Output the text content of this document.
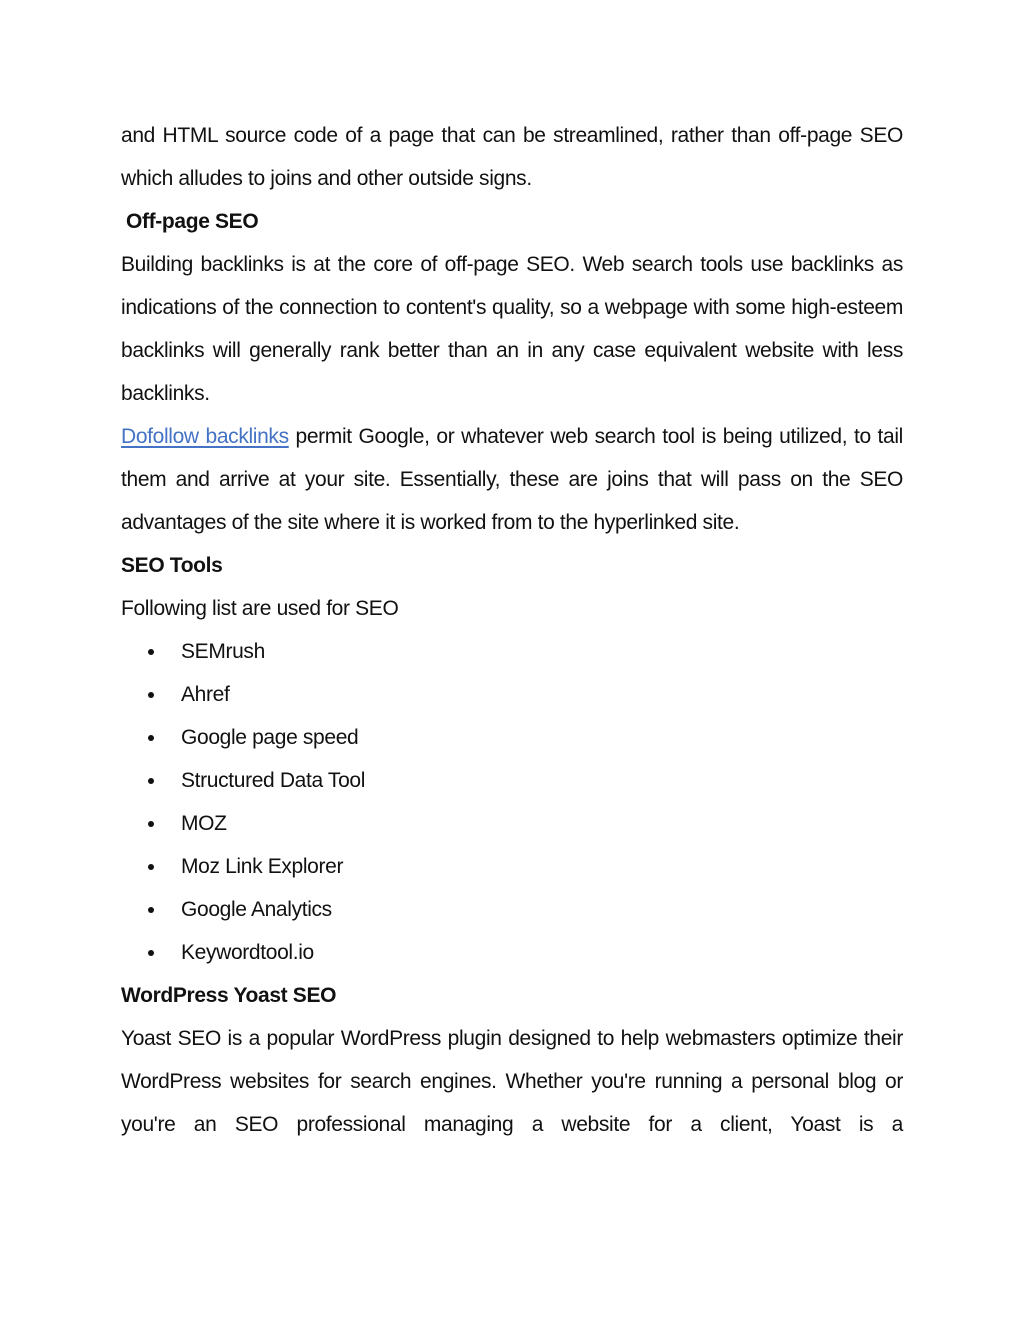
and HTML source code of a page that can be streamlined, rather than off-page SEO which alludes to joins and other outside signs.

Off-page SEO

Building backlinks is at the core of off-page SEO. Web search tools use backlinks as indications of the connection to content's quality, so a webpage with some high-esteem backlinks will generally rank better than an in any case equivalent website with less backlinks.

Dofollow backlinks permit Google, or whatever web search tool is being utilized, to tail them and arrive at your site. Essentially, these are joins that will pass on the SEO advantages of the site where it is worked from to the hyperlinked site.

SEO Tools

Following list are used for SEO

SEMrush
Ahref
Google page speed
Structured Data Tool
MOZ
Moz Link Explorer
Google Analytics
Keywordtool.io

WordPress Yoast SEO

Yoast SEO is a popular WordPress plugin designed to help webmasters optimize their WordPress websites for search engines. Whether you're running a personal blog or you're an SEO professional managing a website for a client, Yoast is a
